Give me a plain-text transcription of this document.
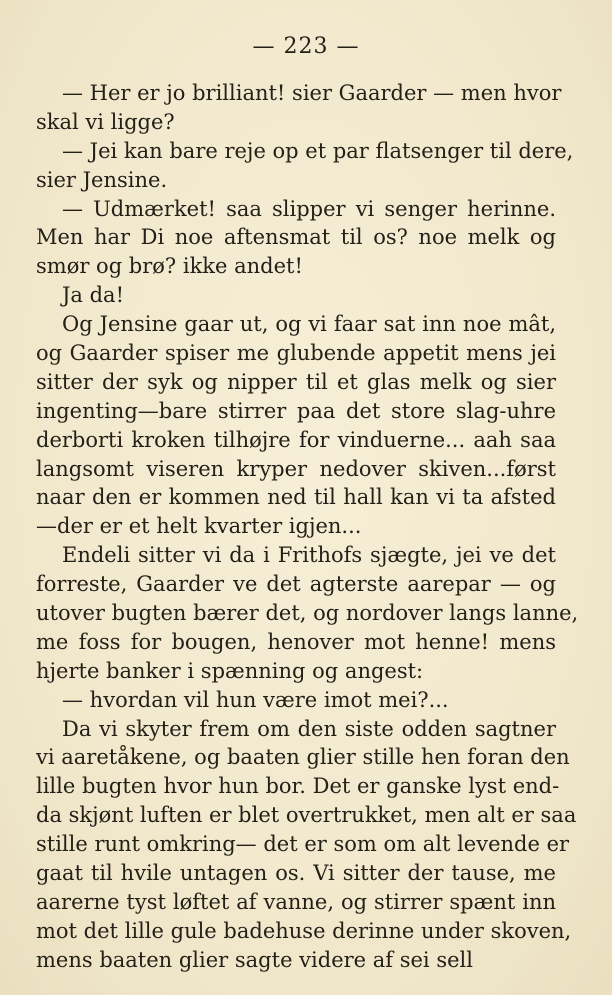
— 223 —
— Her er jo brilliant! sier Gaarder — men hvor
skal vi ligge?
— Jei kan bare reje op et par flatsenger til dere,
sier Jensine.
— Udmærket! saa slipper vi senger herinne.
Men har Di noe aftensmat til os? noe melk og
smør og brø? ikke andet!
Ja da!
Og Jensine gaar ut, og vi faar sat inn noe mât,
og Gaarder spiser me glubende appetit mens jei
sitter der syk og nipper til et glas melk og sier
ingenting—bare stirrer paa det store slag-uhre
derborti kroken tilhøjre for vinduerne... aah saa
langsomt viseren kryper nedover skiven...først
naar den er kommen ned til hall kan vi ta afsted
—der er et helt kvarter igjen...
Endeli sitter vi da i Frithofs sjægte, jei ve det
forreste, Gaarder ve det agterste aarepar — og
utover bugten bærer det, og nordover langs lanne,
me foss for bougen, henover mot henne! mens
hjerte banker i spænning og angest:
— hvordan vil hun være imot mei?...
Da vi skyter frem om den siste odden sagtner
vi aaretåkene, og baaten glier stille hen foran den
lille bugten hvor hun bor. Det er ganske lyst end-
da skjønt luften er blet overtrukket, men alt er saa
stille runt omkring— det er som om alt levende er
gaat til hvile untagen os. Vi sitter der tause, me
aarerne tyst løftet af vanne, og stirrer spænt inn
mot det lille gule badehuse derinne under skoven,
mens baaten glier sagte videre af sei sell
